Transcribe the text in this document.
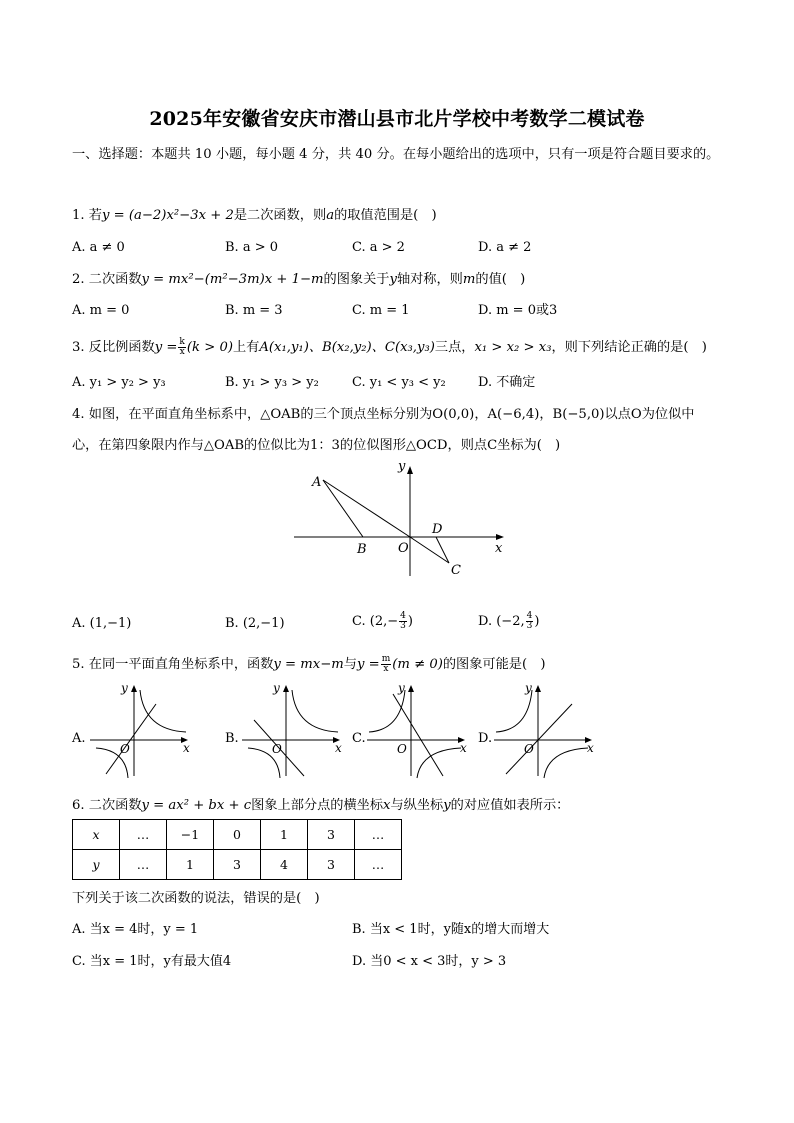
2025年安徽省安庆市潜山县市北片学校中考数学二模试卷
一、选择题：本题共 10 小题，每小题 4 分，共 40 分。在每小题给出的选项中，只有一项是符合题目要求的。
1. 若y = (a−2)x²−3x + 2是二次函数，则a的取值范围是(　)
A. a ≠ 0	B. a > 0	C. a > 2	D. a ≠ 2
2. 二次函数y = mx²−(m²−3m)x + 1−m的图象关于y轴对称，则m的值(　)
A. m = 0	B. m = 3	C. m = 1	D. m = 0或3
3. 反比例函数$y = \frac{k}{x} (k > 0)$上有A(x₁,y₁)、B(x₂,y₂)、C(x₃,y₃)三点，x₁ > x₂ > x₃，则下列结论正确的是(　)
A. y₁ > y₂ > y₃	B. y₁ > y₃ > y₂	C. y₁ < y₃ < y₂ D. 不确定
4. 如图，在平面直角坐标系中，△OAB的三个顶点坐标分别为O(0,0)，A(−6,4)，B(−5,0)以点O为位似中
心，在第四象限内作与△OAB的位似比为1：3的位似图形△OCD，则点C坐标为(　)
A
B O
D
C
x
y
A. (1,−1)	B. (2,−1)	C. ($2,- \frac{4}{3}$ )	D. (−2, $\frac{4}{3}$ )
5. 在同一平面直角坐标系中，函数y = mx−m与$y = \frac{m}{x} (m \ne 0)$的图象可能是(　)
A.
O	x
y
B.
O	x
y
C.
O	x
y
D.
O	x
y
6. 二次函数y = ax² + bx + c图象上部分点的横坐标x与纵坐标y的对应值如表所示：
x	…	−1	0	1	3	…
y	…	1	3	4	3	…
下列关于该二次函数的说法，错误的是(　)
A. 当x = 4时，y = 1	B. 当x < 1时，y随x的增大而增大
C. 当x = 1时，y有最大值4	D. 当0 < x < 3时，y > 3
